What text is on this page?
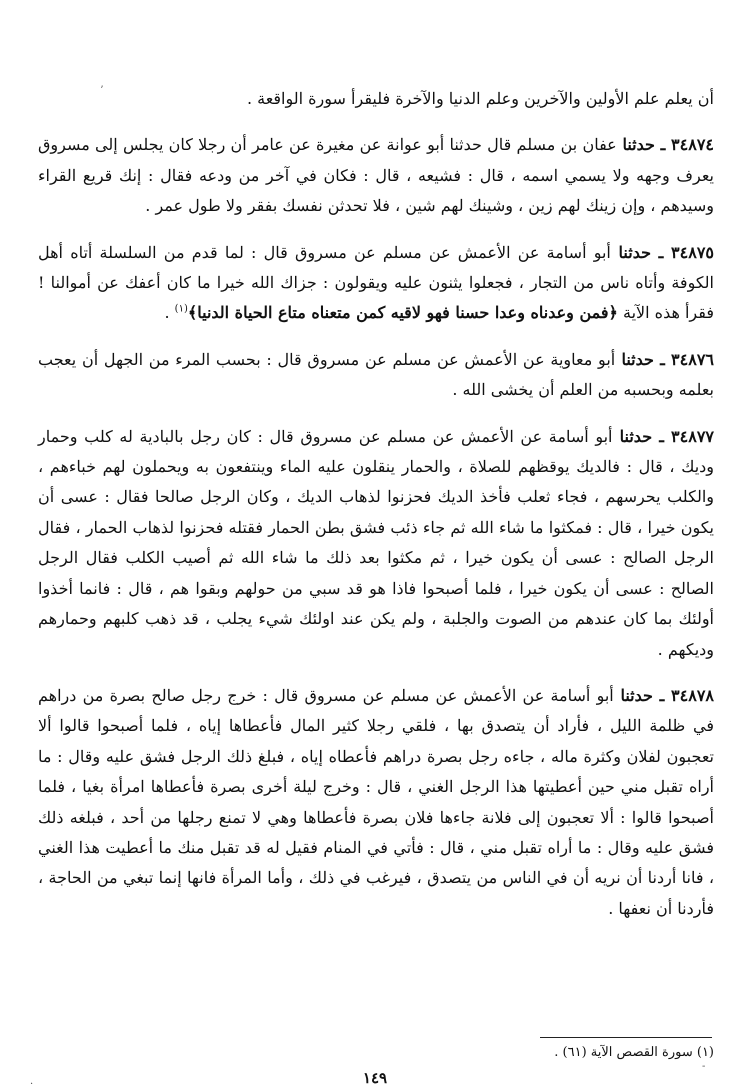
أن يعلم علم الأولين والآخرين وعلم الدنيا والآخرة فليقرأ سورة الواقعة .

٣٤٨٧٤ ـ حدثنا عفان بن مسلم قال حدثنا أبو عوانة عن مغيرة عن عامر أن رجلا كان يجلس إلى مسروق يعرف وجهه ولا يسمي اسمه ، قال : فشيعه ، قال : فكان في آخر من ودعه فقال : إنك قريع القراء وسيدهم ، وإن زينك لهم زين ، وشينك لهم شين ، فلا تحدثن نفسك بفقر ولا طول عمر .

٣٤٨٧٥ ـ حدثنا أبو أسامة عن الأعمش عن مسلم عن مسروق قال : لما قدم من السلسلة أتاه أهل الكوفة وأتاه ناس من التجار ، فجعلوا يثنون عليه ويقولون : جزاك الله خيرا ما كان أعفك عن أموالنا ! فقرأ هذه الآية ﴿فمن وعدناه وعدا حسنا فهو لاقيه كمن متعناه متاع الحياة الدنيا﴾$^{(١)}$ .

٣٤٨٧٦ ـ حدثنا أبو معاوية عن الأعمش عن مسلم عن مسروق قال : بحسب المرء من الجهل أن يعجب بعلمه وبحسبه من العلم أن يخشى الله .

٣٤٨٧٧ ـ حدثنا أبو أسامة عن الأعمش عن مسلم عن مسروق قال : كان رجل بالبادية له كلب وحمار وديك ، قال : فالديك يوقظهم للصلاة ، والحمار ينقلون عليه الماء وينتفعون به ويحملون لهم خباءهم ، والكلب يحرسهم ، فجاء ثعلب فأخذ الديك فحزنوا لذهاب الديك ، وكان الرجل صالحا فقال : عسى أن يكون خيرا ، قال : فمكثوا ما شاء الله ثم جاء ذئب فشق بطن الحمار فقتله فحزنوا لذهاب الحمار ، فقال الرجل الصالح : عسى أن يكون خيرا ، ثم مكثوا بعد ذلك ما شاء الله ثم أصيب الكلب فقال الرجل الصالح : عسى أن يكون خيرا ، فلما أصبحوا فاذا هو قد سبي من حولهم وبقوا هم ، قال : فانما أخذوا أولئك بما كان عندهم من الصوت والجلبة ، ولم يكن عند اولئك شيء يجلب ، قد ذهب كلبهم وحمارهم وديكهم .

٣٤٨٧٨ ـ حدثنا أبو أسامة عن الأعمش عن مسلم عن مسروق قال : خرج رجل صالح بصرة من دراهم في ظلمة الليل ، فأراد أن يتصدق بها ، فلقي رجلا كثير المال فأعطاها إياه ، فلما أصبحوا قالوا ألا تعجبون لفلان وكثرة ماله ، جاءه رجل بصرة دراهم فأعطاه إياه ، فبلغ ذلك الرجل فشق عليه وقال : ما أراه تقبل مني حين أعطيتها هذا الرجل الغني ، قال : وخرج ليلة أخرى بصرة فأعطاها امرأة بغيا ، فلما أصبحوا قالوا : ألا تعجبون إلى فلانة جاءها فلان بصرة فأعطاها وهي لا تمنع رجلها من أحد ، فبلغه ذلك فشق عليه وقال : ما أراه تقبل مني ، قال : فأتي في المنام فقيل له قد تقبل منك ما أعطيت هذا الغني ، فانا أردنا أن نريه أن في الناس من يتصدق ، فيرغب في ذلك ، وأما المرأة فانها إنما تبغي من الحاجة ، فأردنا أن نعفها .

(١) سورة القصص الآية (٦١) .
١٤٩
ʼ
-
·
